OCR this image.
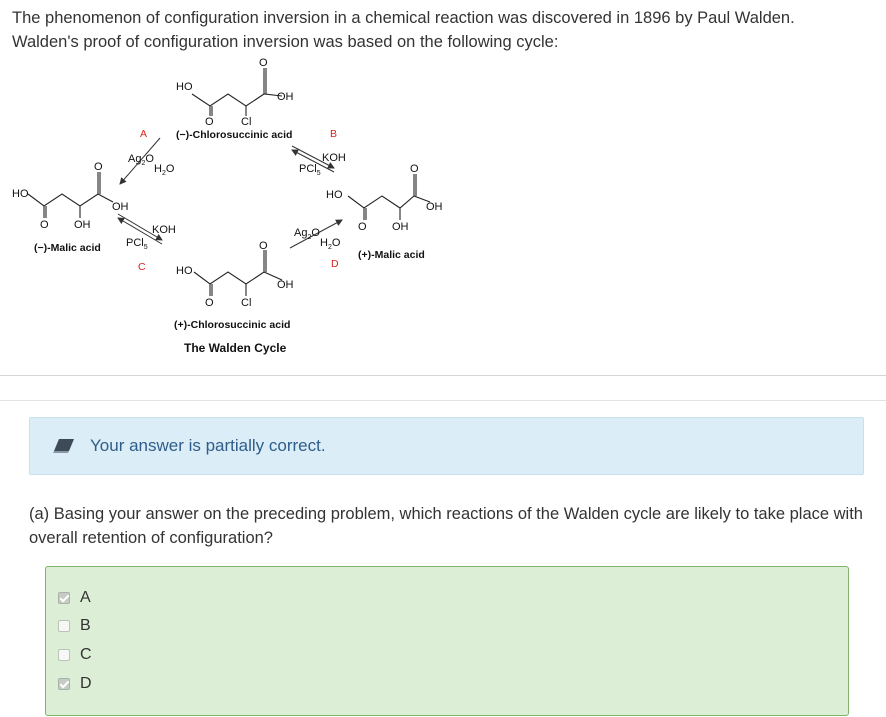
The phenomenon of configuration inversion in a chemical reaction was discovered in 1896 by Paul Walden.
Walden's proof of configuration inversion was based on the following cycle:
HO
OH
O
O
Cl
(−)-Chlorosuccinic acid
HO
OH
O OH
O
(−)-Malic acid
HO
OH
O OH
O
(+)-Malic acid
HO
OH
O
O
Cl
(+)-Chlorosuccinic acid
A
$Ag_2O$
$H_2O$
B
KOH
PCl$_5$
KOH
PCl$_5$
C
$Ag_2O$
$H_2O$
D
The Walden Cycle
Your answer is partially correct.
(a) Basing your answer on the preceding problem, which reactions of the Walden cycle are likely to take place with overall retention of configuration?
A
B
C
D
